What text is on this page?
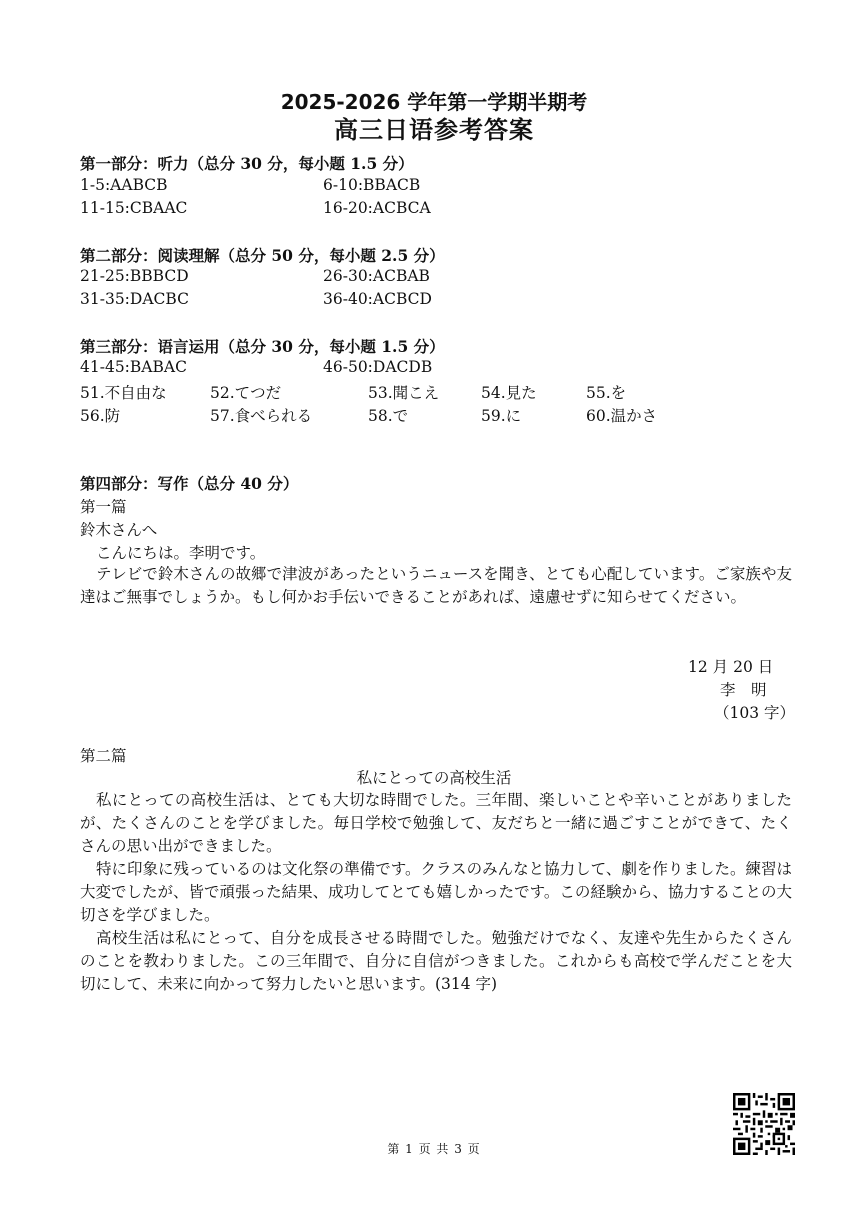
2025-2026 学年第一学期半期考
高三日语参考答案
第一部分：听力（总分 30 分，每小题 1.5 分）
1-5:AABCB	6-10:BBACB
11-15:CBAAC	16-20:ACBCA
第二部分：阅读理解（总分 50 分，每小题 2.5 分）
21-25:BBBCD	26-30:ACBAB
31-35:DACBC	36-40:ACBCD
第三部分：语言运用（总分 30 分，每小题 1.5 分）
41-45:BABAC	46-50:DACDB
51.不自由な	52.てつだ	53.聞こえ	54.見た	55.を
56.防	57.食べられる	58.で	59.に	60.温かさ
第四部分：写作（总分 40 分）
第一篇
鈴木さんへ
こんにちは。李明です。
テレビで鈴木さんの故郷で津波があったというニュースを聞き、とても心配しています。ご家族や友達はご無事でしょうか。もし何かお手伝いできることがあれば、遠慮せずに知らせてください。
12 月 20 日
李　明
（103 字）
第二篇
私にとっての高校生活
私にとっての高校生活は、とても大切な時間でした。三年間、楽しいことや辛いことがありましたが、たくさんのことを学びました。毎日学校で勉強して、友だちと一緒に過ごすことができて、たくさんの思い出ができました。
特に印象に残っているのは文化祭の準備です。クラスのみんなと協力して、劇を作りました。練習は大変でしたが、皆で頑張った結果、成功してとても嬉しかったです。この経験から、協力することの大切さを学びました。
高校生活は私にとって、自分を成長させる時間でした。勉強だけでなく、友達や先生からたくさんのことを教わりました。この三年間で、自分に自信がつきました。これからも高校で学んだことを大切にして、未来に向かって努力したいと思います。(314 字)
第 1 页 共 3 页
